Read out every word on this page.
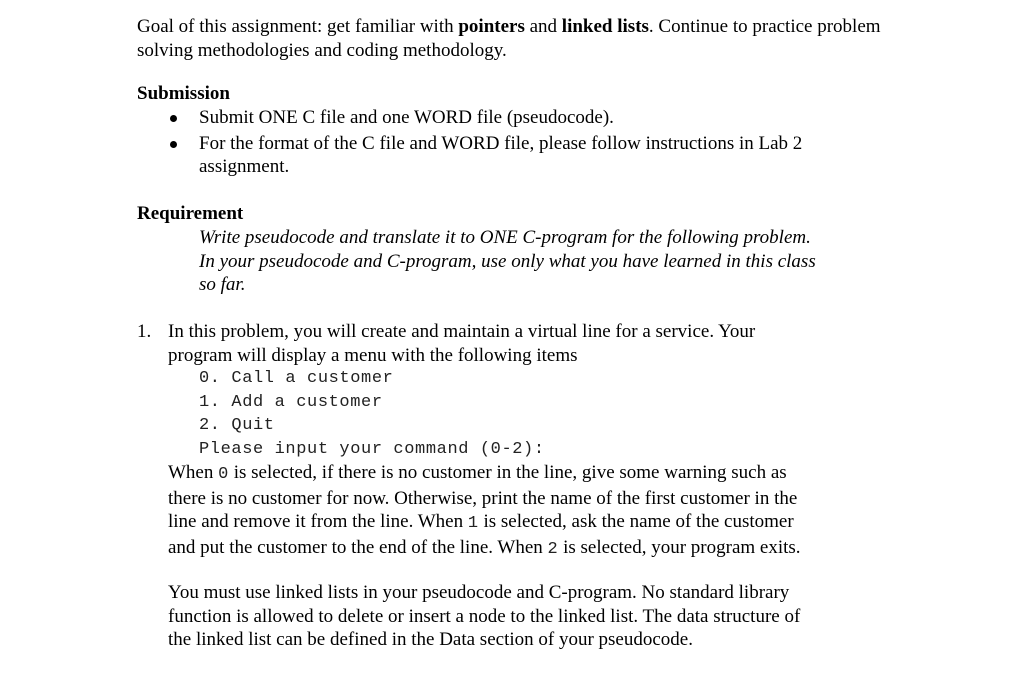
Goal of this assignment: get familiar with pointers and linked lists. Continue to practice problem
solving methodologies and coding methodology.
Submission
Submit ONE C file and one WORD file (pseudocode).
For the format of the C file and WORD file, please follow instructions in Lab 2
assignment.
Requirement
Write pseudocode and translate it to ONE C-program for the following problem.
In your pseudocode and C-program, use only what you have learned in this class
so far.
1. In this problem, you will create and maintain a virtual line for a service. Your
program will display a menu with the following items
0. Call a customer
1. Add a customer
2. Quit
Please input your command (0-2):
When 0 is selected, if there is no customer in the line, give some warning such as
there is no customer for now. Otherwise, print the name of the first customer in the
line and remove it from the line. When 1 is selected, ask the name of the customer
and put the customer to the end of the line. When 2 is selected, your program exits.
You must use linked lists in your pseudocode and C-program. No standard library
function is allowed to delete or insert a node to the linked list. The data structure of
the linked list can be defined in the Data section of your pseudocode.
